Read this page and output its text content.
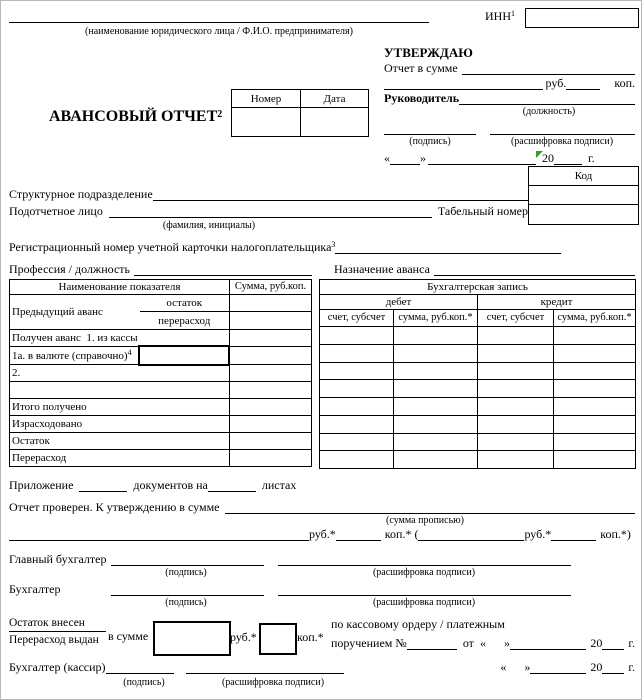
(наименование юридического лица / Ф.И.О. предпринимателя)
ИНН$^1$
УТВЕРЖДАЮ
Отчет в сумме
руб.	коп.
Руководитель
(должность)
(подпись)	(расшифровка подписи)
«	»	20	г.
Номер	Дата

АВАНСОВЫЙ ОТЧЕТ$^2$
Код

Структурное подразделение
Подотчетное лицо	Табельный номер
(фамилия, инициалы)
Регистрационный номер учетной карточки налогоплательщика$^3$
Профессия / должность	Назначение аванса
Наименование показателя		Сумма, руб.коп.
Предыдущий аванс	остаток	
	перерасход	
Получен аванс  1. из кассы		
1а. в валюте (справочно)$^4$

2.		

Итого получено		
Израсходовано		
Остаток		
Перерасход		
Бухгалтерская запись			
дебет		кредит	
счет, субсчет	сумма, руб.коп.*	счет, субсчет	сумма, руб.коп.*

Приложение	документов на	листах
Отчет проверен. К утверждению в сумме
(сумма прописью)
руб.*	коп.* (	руб.*	коп.*)
Главный бухгалтер
(подпись)	(расшифровка подписи)
Бухгалтер
(подпись)	(расшифровка подписи)
Остаток внесен
Перерасход выдан в сумме	руб.*	коп.*
по кассовому ордеру / платежным
поручением №	от « »	20 г.
Бухгалтер (кассир)	« »	20 г.
(подпись)	(расшифровка подписи)
